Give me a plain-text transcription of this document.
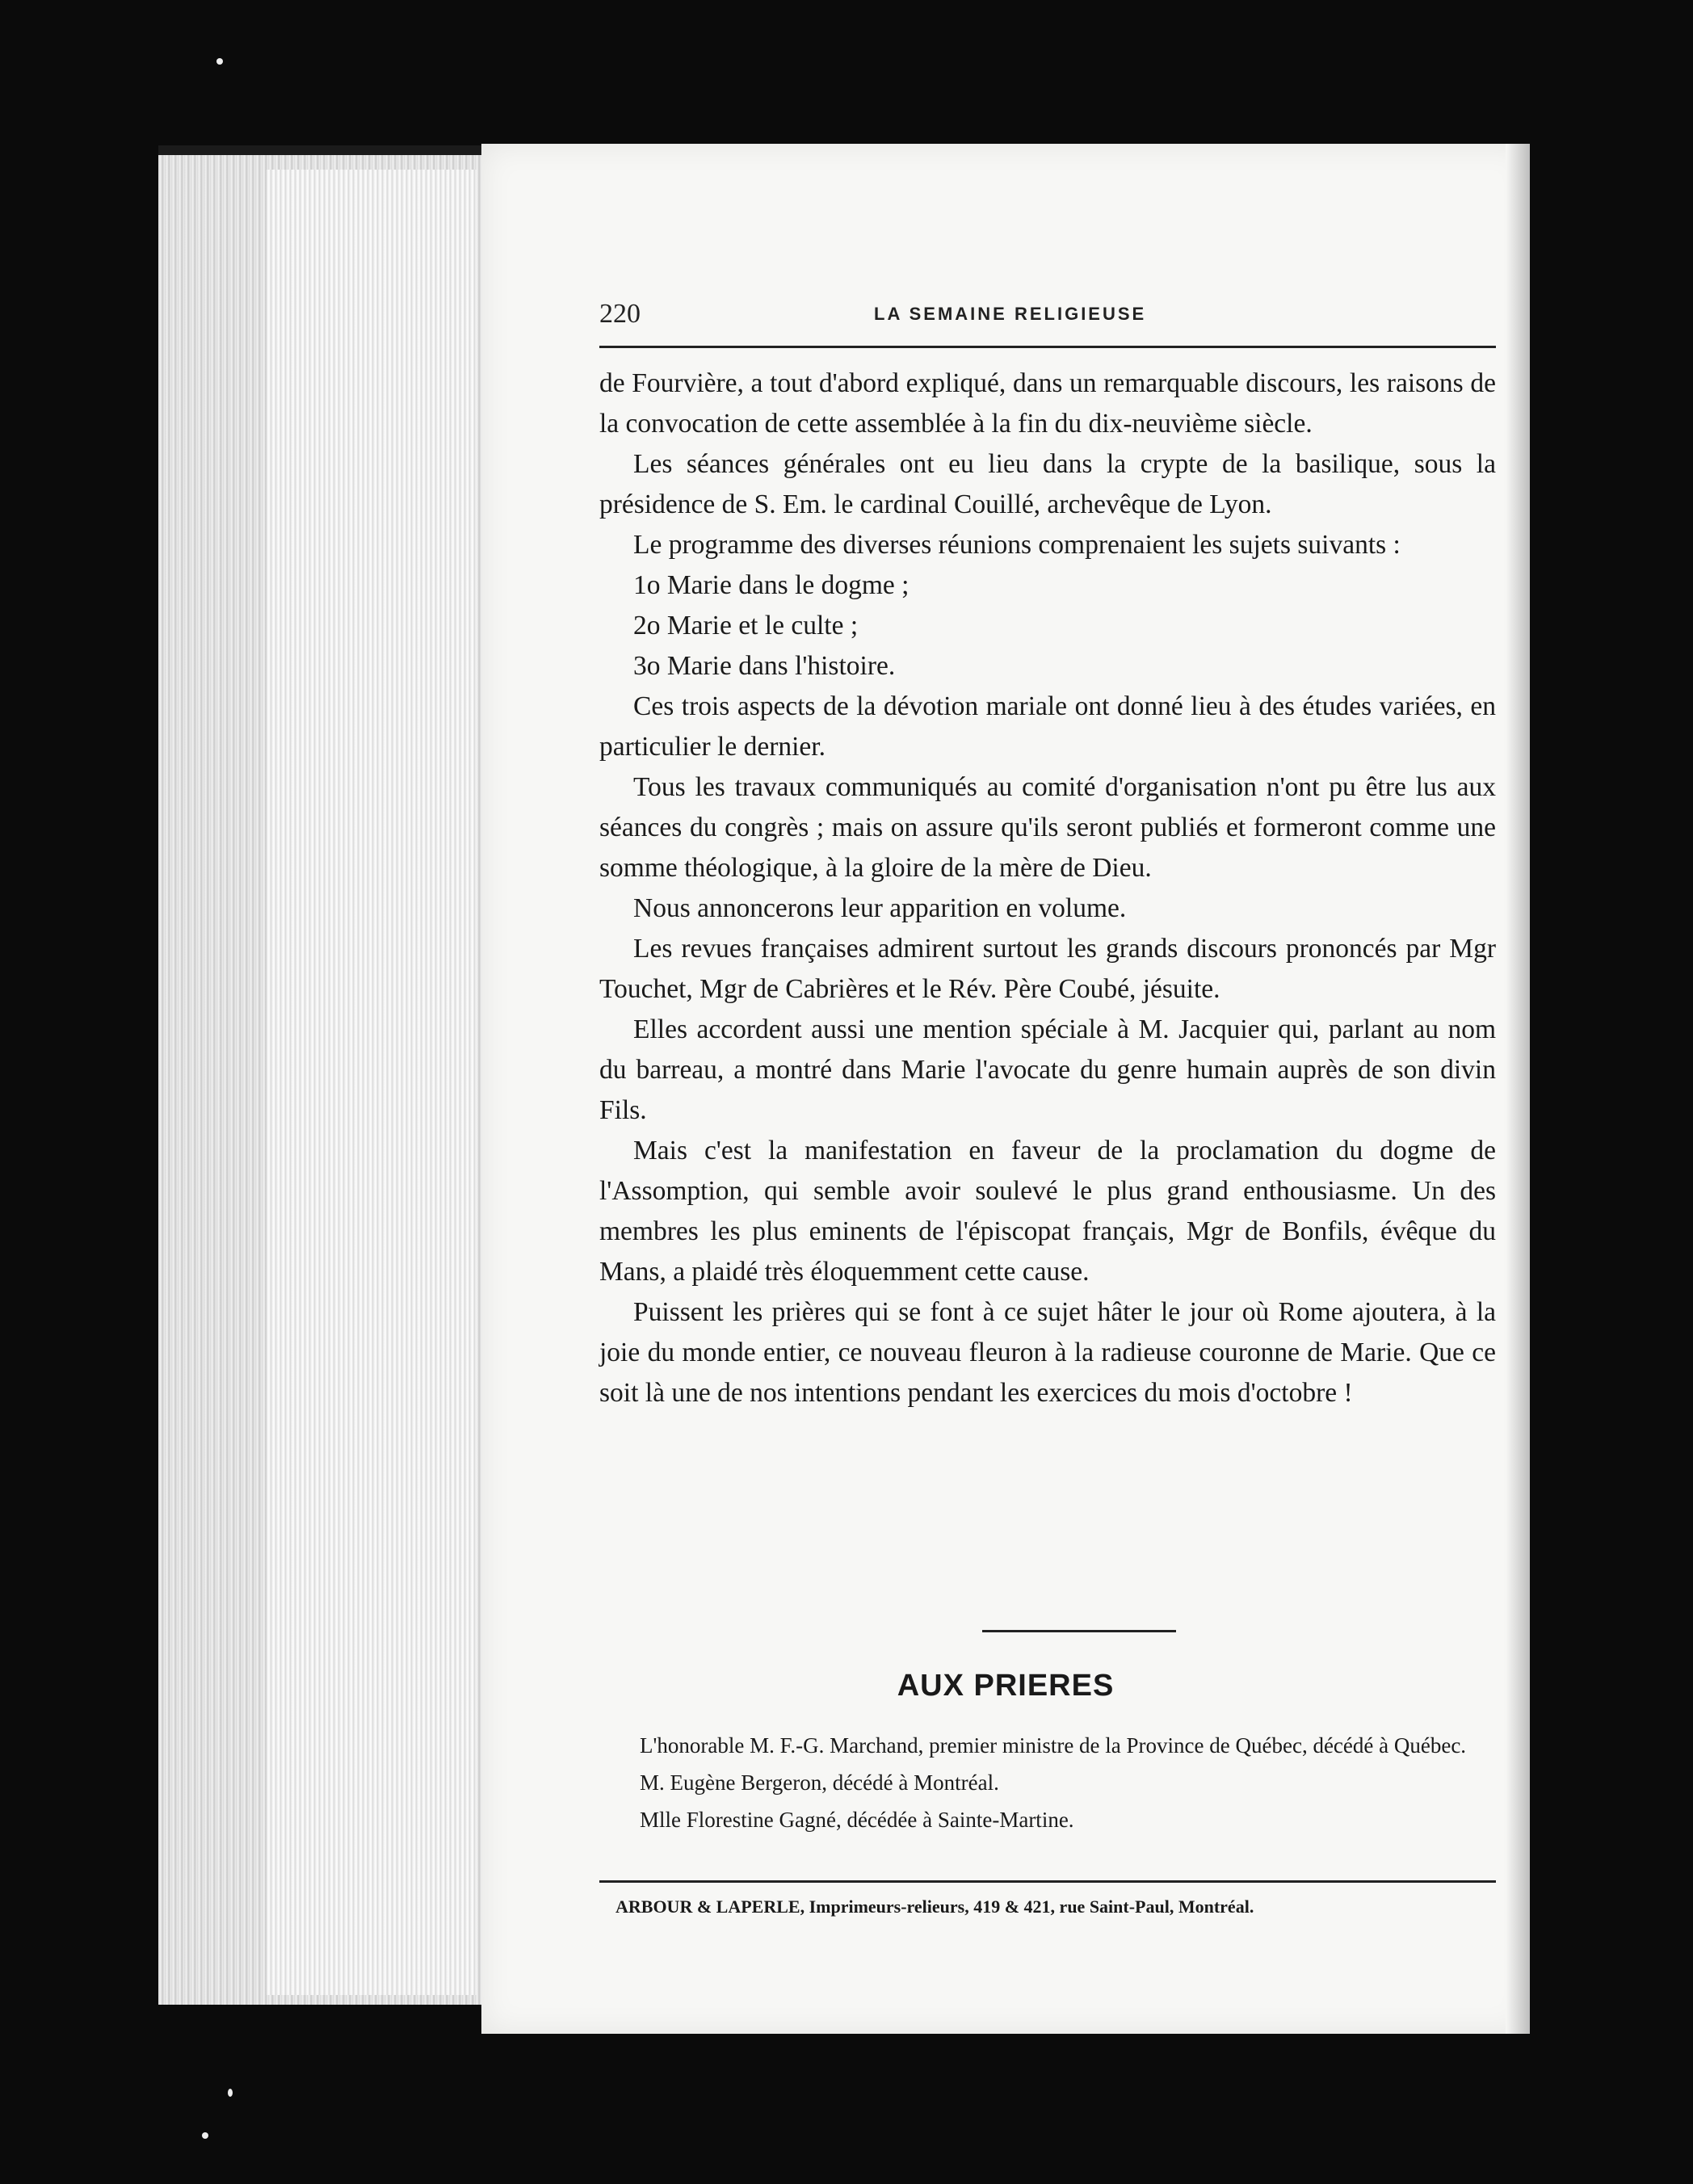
220	LA SEMAINE RELIGIEUSE

de Fourvière, a tout d'abord expliqué, dans un remarquable discours, les raisons de la convocation de cette assemblée à la fin du dix-neuvième siècle.

Les séances générales ont eu lieu dans la crypte de la basilique, sous la présidence de S. Em. le cardinal Couillé, archevêque de Lyon.

Le programme des diverses réunions comprenaient les sujets suivants :

1o Marie dans le dogme ;

2o Marie et le culte ;

3o Marie dans l'histoire.

Ces trois aspects de la dévotion mariale ont donné lieu à des études variées, en particulier le dernier.

Tous les travaux communiqués au comité d'organisation n'ont pu être lus aux séances du congrès ; mais on assure qu'ils seront publiés et formeront comme une somme théologique, à la gloire de la mère de Dieu.

Nous annoncerons leur apparition en volume.

Les revues françaises admirent surtout les grands discours prononcés par Mgr Touchet, Mgr de Cabrières et le Rév. Père Coubé, jésuite.

Elles accordent aussi une mention spéciale à M. Jacquier qui, parlant au nom du barreau, a montré dans Marie l'avocate du genre humain auprès de son divin Fils.

Mais c'est la manifestation en faveur de la proclamation du dogme de l'Assomption, qui semble avoir soulevé le plus grand enthousiasme. Un des membres les plus eminents de l'épiscopat français, Mgr de Bonfils, évêque du Mans, a plaidé très éloquemment cette cause.

Puissent les prières qui se font à ce sujet hâter le jour où Rome ajoutera, à la joie du monde entier, ce nouveau fleuron à la radieuse couronne de Marie. Que ce soit là une de nos intentions pendant les exercices du mois d'octobre !

AUX PRIERES
L'honorable M. F.-G. Marchand, premier ministre de la Province de Québec, décédé à Québec.
M. Eugène Bergeron, décédé à Montréal.
Mlle Florestine Gagné, décédée à Sainte-Martine.
ARBOUR & LAPERLE, Imprimeurs-relieurs, 419 & 421, rue Saint-Paul, Montréal.
